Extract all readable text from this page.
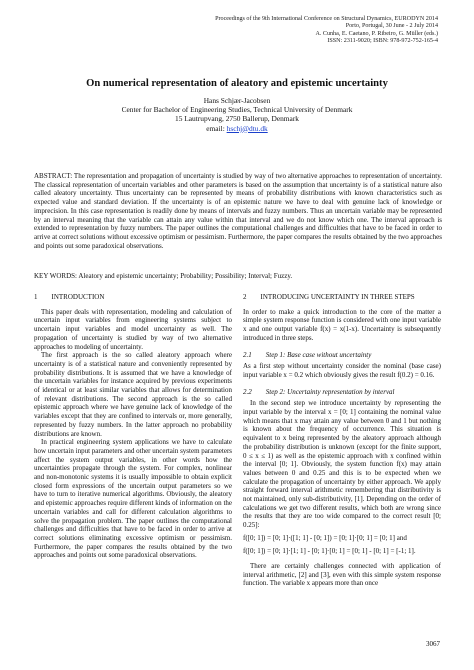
Proceedings of the 9th International Conference on Structural Dynamics, EURODYN 2014
Porto, Portugal, 30 June - 2 July 2014
A. Cunha, E. Caetano, P. Ribeiro, G. Müller (eds.)
ISSN: 2311-9020; ISBN: 978-972-752-165-4
On numerical representation of aleatory and epistemic uncertainty
Hans Schjær-Jacobsen
Center for Bachelor of Engineering Studies, Technical University of Denmark
15 Lautrupvang, 2750 Ballerup, Denmark
email: hschj@dtu.dk
ABSTRACT: The representation and propagation of uncertainty is studied by way of two alternative approaches to representation of uncertainty. The classical representation of uncertain variables and other parameters is based on the assumption that uncertainty is of a statistical nature also called aleatory uncertainty. Thus uncertainty can be represented by means of probability distributions with known characteristics such as expected value and standard deviation. If the uncertainty is of an epistemic nature we have to deal with genuine lack of knowledge or imprecision. In this case representation is readily done by means of intervals and fuzzy numbers. Thus an uncertain variable may be represented by an interval meaning that the variable can attain any value within that interval and we do not know which one. The interval approach is extended to representation by fuzzy numbers. The paper outlines the computational challenges and difficulties that have to be faced in order to arrive at correct solutions without excessive optimism or pessimism. Furthermore, the paper compares the results obtained by the two approaches and points out some paradoxical observations.
KEY WORDS: Aleatory and epistemic uncertainty; Probability; Possibility; Interval; Fuzzy.
1        INTRODUCTION

This paper deals with representation, modeling and calculation of uncertain input variables from engineering systems subject to uncertain input variables and model uncertainty as well. The propagation of uncertainty is studied by way of two alternative approaches to modeling of uncertainty.

The first approach is the so called aleatory approach where uncertainty is of a statistical nature and conveniently represented by probability distributions. It is assumed that we have a knowledge of the uncertain variables for instance acquired by previous experiments of identical or at least similar variables that allows for determination of relevant distributions. The second approach is the so called epistemic approach where we have genuine lack of knowledge of the variables except that they are confined to intervals or, more generally, represented by fuzzy numbers. In the latter approach no probability distributions are known.

In practical engineering system applications we have to calculate how uncertain input parameters and other uncertain system parameters affect the system output variables, in other words how the uncertainties propagate through the system. For complex, nonlinear and non-monotonic systems it is usually impossible to obtain explicit closed form expressions of the uncertain output parameters so we have to turn to iterative numerical algorithms. Obviously, the aleatory and epistemic approaches require different kinds of information on the uncertain variables and call for different calculation algorithms to solve the propagation problem. The paper outlines the computational challenges and difficulties that have to be faced in order to arrive at correct solutions eliminating excessive optimism or pessimism. Furthermore, the paper compares the results obtained by the two approaches and points out some paradoxical observations.

2        INTRODUCING UNCERTAINTY IN THREE STEPS

In order to make a quick introduction to the core of the matter a simple system response function is considered with one input variable x and one output variable f(x) = x(1-x). Uncertainty is subsequently introduced in three steps.

2.1        Step 1: Base case without uncertainty

As a first step without uncertainty consider the nominal (base case) input variable x = 0.2 which obviously gives the result f(0.2) = 0.16.

2.2        Step 2: Uncertainty representation by interval

In the second step we introduce uncertainty by representing the input variable by the interval x = [0; 1] containing the nominal value which means that x may attain any value between 0 and 1 but nothing is known about the frequency of occurrence. This situation is equivalent to x being represented by the aleatory approach although the probability distribution is unknown (except for the finite support, 0 ≤ x ≤ 1) as well as the epistemic approach with x confined within the interval [0; 1]. Obviously, the system function f(x) may attain values between 0 and 0.25 and this is to be expected when we calculate the propagation of uncertainty by either approach. We apply straight forward interval arithmetic remembering that distributivity is not maintained, only sub-distributivity, [1]. Depending on the order of calculations we get two different results, which both are wrong since the results that they are too wide compared to the correct result [0; 0.25]:

f([0; 1]) = [0; 1]·([1; 1] - [0; 1]) = [0; 1]·[0; 1] = [0; 1] and
f([0; 1]) = [0; 1]·[1; 1] - [0; 1]·[0; 1] = [0; 1] - [0; 1] = [-1; 1].

There are certainly challenges connected with application of interval arithmetic, [2] and [3], even with this simple system response function. The variable x appears more than once

3067
